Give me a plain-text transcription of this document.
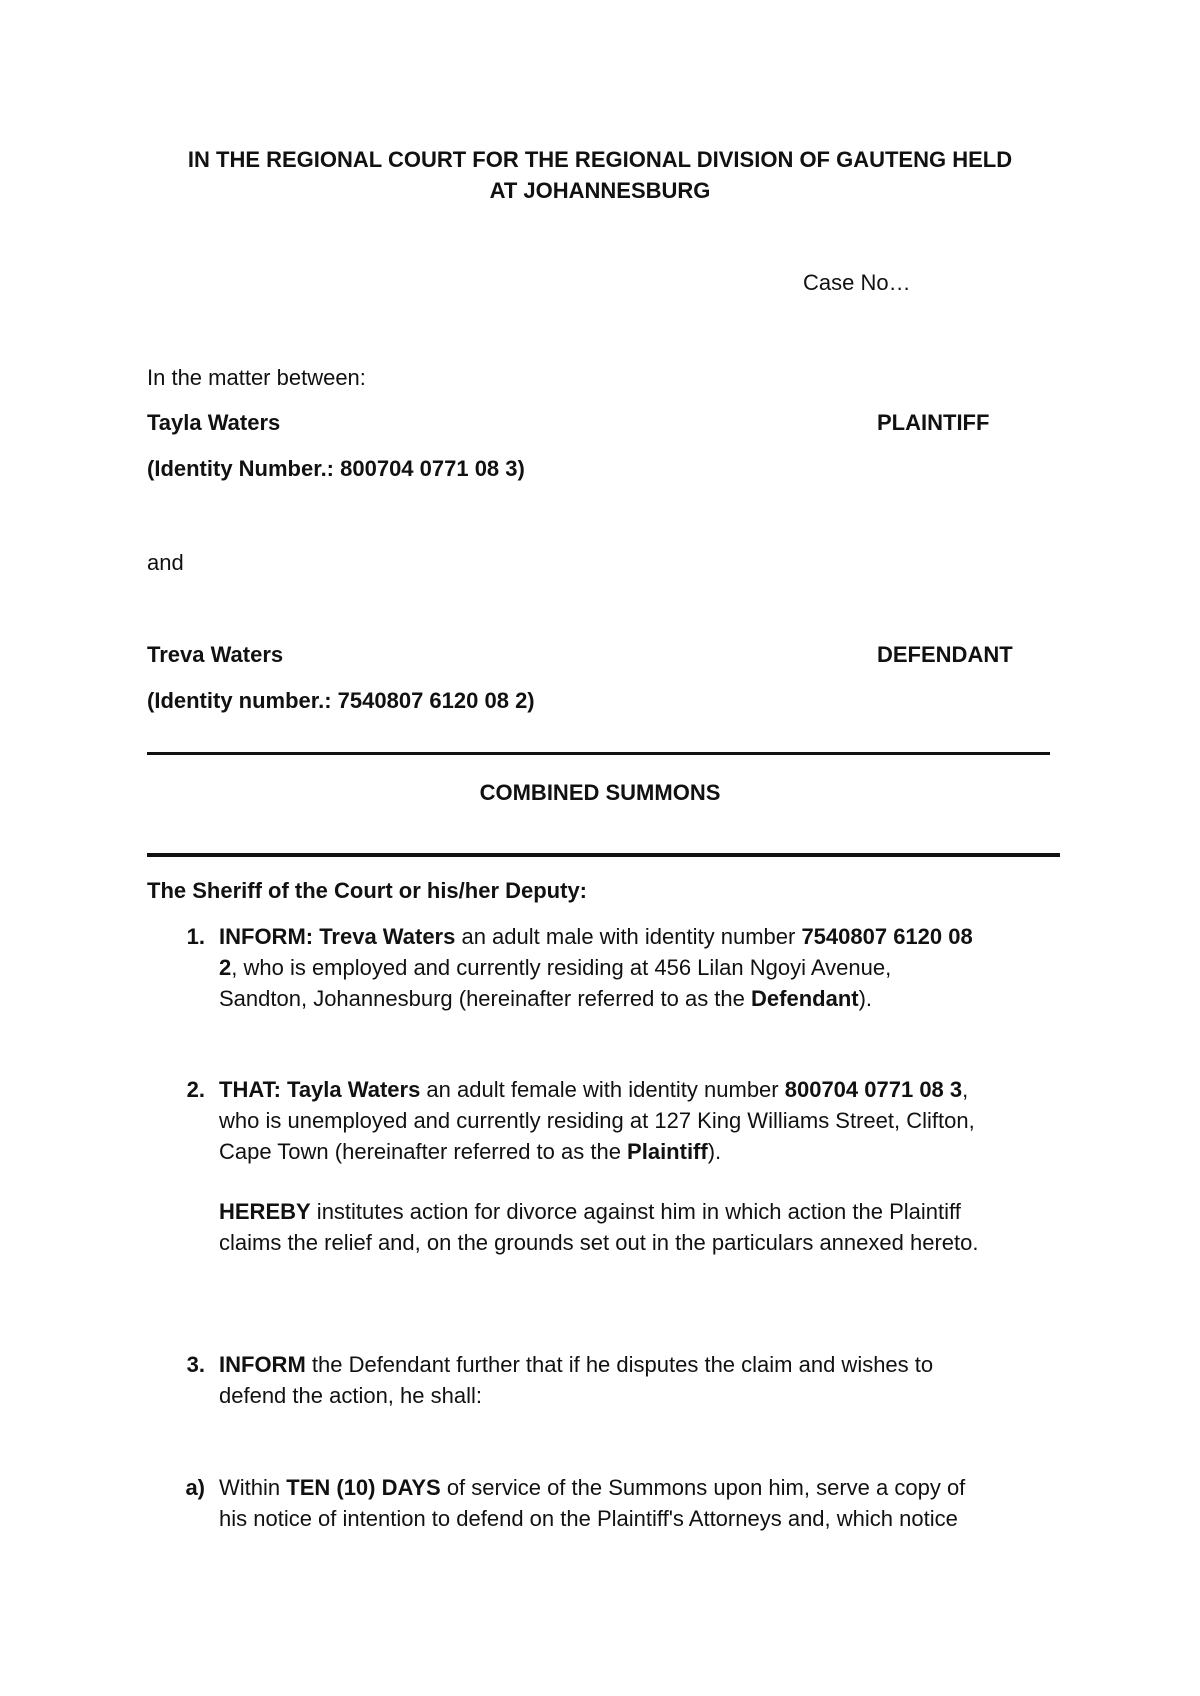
IN THE REGIONAL COURT FOR THE REGIONAL DIVISION OF GAUTENG HELD
AT JOHANNESBURG
Case No…
In the matter between:
Tayla Waters	PLAINTIFF
(Identity Number.: 800704 0771 08 3)
and
Treva Waters	DEFENDANT
(Identity number.: 7540807 6120 08 2)
COMBINED SUMMONS
The Sheriff of the Court or his/her Deputy:
1. INFORM: Treva Waters an adult male with identity number 7540807 6120 08
2, who is employed and currently residing at 456 Lilan Ngoyi Avenue,
Sandton, Johannesburg (hereinafter referred to as the Defendant).
2. THAT: Tayla Waters an adult female with identity number 800704 0771 08 3,
who is unemployed and currently residing at 127 King Williams Street, Clifton,
Cape Town (hereinafter referred to as the Plaintiff).
HEREBY institutes action for divorce against him in which action the Plaintiff
claims the relief and, on the grounds set out in the particulars annexed hereto.
3. INFORM the Defendant further that if he disputes the claim and wishes to
defend the action, he shall:
a) Within TEN (10) DAYS of service of the Summons upon him, serve a copy of
his notice of intention to defend on the Plaintiff's Attorneys and, which notice
